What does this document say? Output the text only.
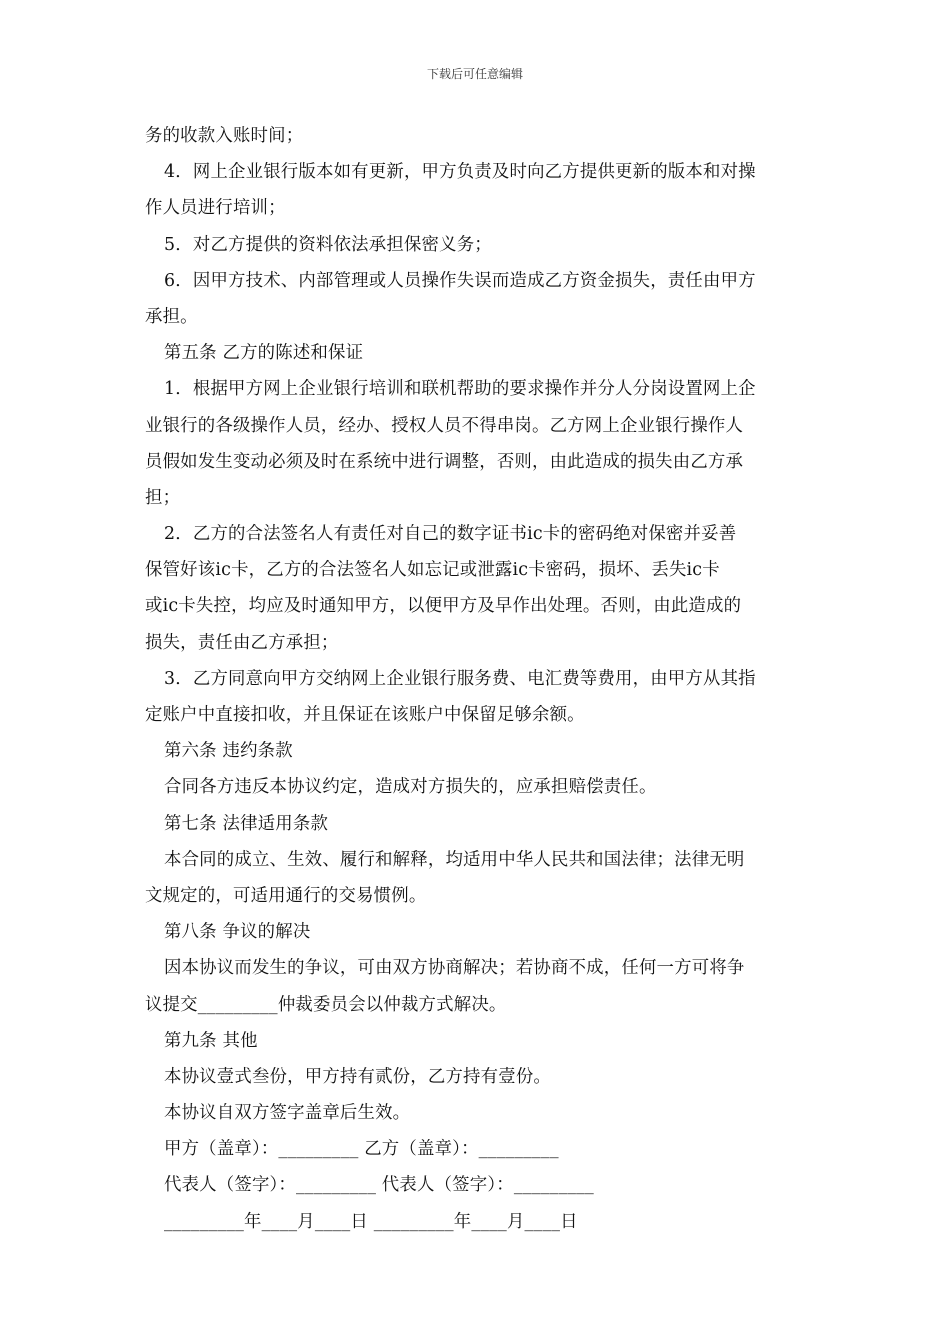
下载后可任意编辑
务的收款入账时间；
4．网上企业银行版本如有更新，甲方负责及时向乙方提供更新的版本和对操
作人员进行培训；
5．对乙方提供的资料依法承担保密义务；
6．因甲方技术、内部管理或人员操作失误而造成乙方资金损失，责任由甲方
承担。
第五条 乙方的陈述和保证
1．根据甲方网上企业银行培训和联机帮助的要求操作并分人分岗设置网上企
业银行的各级操作人员，经办、授权人员不得串岗。乙方网上企业银行操作人
员假如发生变动必须及时在系统中进行调整，否则，由此造成的损失由乙方承
担；
2．乙方的合法签名人有责任对自己的数字证书ic卡的密码绝对保密并妥善
保管好该ic卡，乙方的合法签名人如忘记或泄露ic卡密码，损坏、丢失ic卡
或ic卡失控，均应及时通知甲方，以便甲方及早作出处理。否则，由此造成的
损失，责任由乙方承担；
3．乙方同意向甲方交纳网上企业银行服务费、电汇费等费用，由甲方从其指
定账户中直接扣收，并且保证在该账户中保留足够余额。
第六条 违约条款
合同各方违反本协议约定，造成对方损失的，应承担赔偿责任。
第七条 法律适用条款
本合同的成立、生效、履行和解释，均适用中华人民共和国法律；法律无明
文规定的，可适用通行的交易惯例。
第八条 争议的解决
因本协议而发生的争议，可由双方协商解决；若协商不成，任何一方可将争
议提交_________仲裁委员会以仲裁方式解决。
第九条 其他
本协议壹式叁份，甲方持有贰份，乙方持有壹份。
本协议自双方签字盖章后生效。
甲方（盖章）：_________ 乙方（盖章）：_________
代表人（签字）：_________ 代表人（签字）：_________
_________年____月____日 _________年____月____日
